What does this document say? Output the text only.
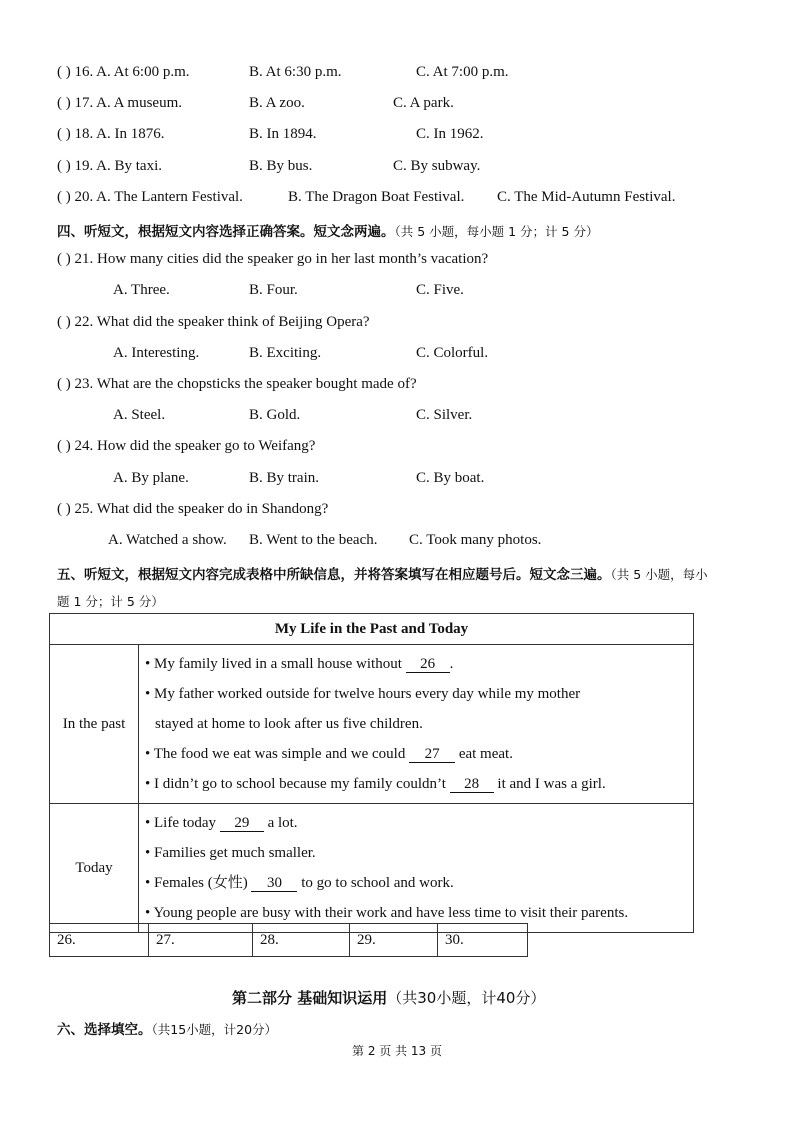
( ) 16. A. At 6:00 p.m.	B. At 6:30 p.m.	C. At 7:00 p.m.
( ) 17. A. A museum.	B. A zoo.	C. A park.
( ) 18. A. In 1876.	B. In 1894.	C. In 1962.
( ) 19. A. By taxi.	B. By bus.	C. By subway.
( ) 20. A. The Lantern Festival.	B. The Dragon Boat Festival. C. The Mid-Autumn Festival.
四、听短文，根据短文内容选择正确答案。短文念两遍。（共 5 小题，每小题 1 分；计 5 分）
( ) 21. How many cities did the speaker go in her last month’s vacation?
A. Three.	B. Four.	C. Five.
( ) 22. What did the speaker think of Beijing Opera?
A. Interesting.	B. Exciting.	C. Colorful.
( ) 23. What are the chopsticks the speaker bought made of?
A. Steel.	B. Gold.	C. Silver.
( ) 24. How did the speaker go to Weifang?
A. By plane.	B. By train.	C. By boat.
( ) 25. What did the speaker do in Shandong?
A. Watched a show. B. Went to the beach. C. Took many photos.
五、听短文，根据短文内容完成表格中所缺信息，并将答案填写在相应题号后。短文念三遍。（共 5 小题，每小
题 1 分；计 5 分）
My Life in the Past and Today	
In the past	• My family lived in a small house without 26 .
• My father worked outside for twelve hours every day while my mother
stayed at home to look after us five children.
• The food we eat was simple and we could 27 eat meat.
• I didn’t go to school because my family couldn’t 28 it and I was a girl.

Today	• Life today 29 a lot.
• Families get much smaller.
• Females (女性) 30 to go to school and work.
• Young people are busy with their work and have less time to visit their parents.
26.	27.	28.	29.	30.
第二部分 基础知识运用（共30小题，计40分）
六、选择填空。（共15小题，计20分）
第 2 页 共 13 页
